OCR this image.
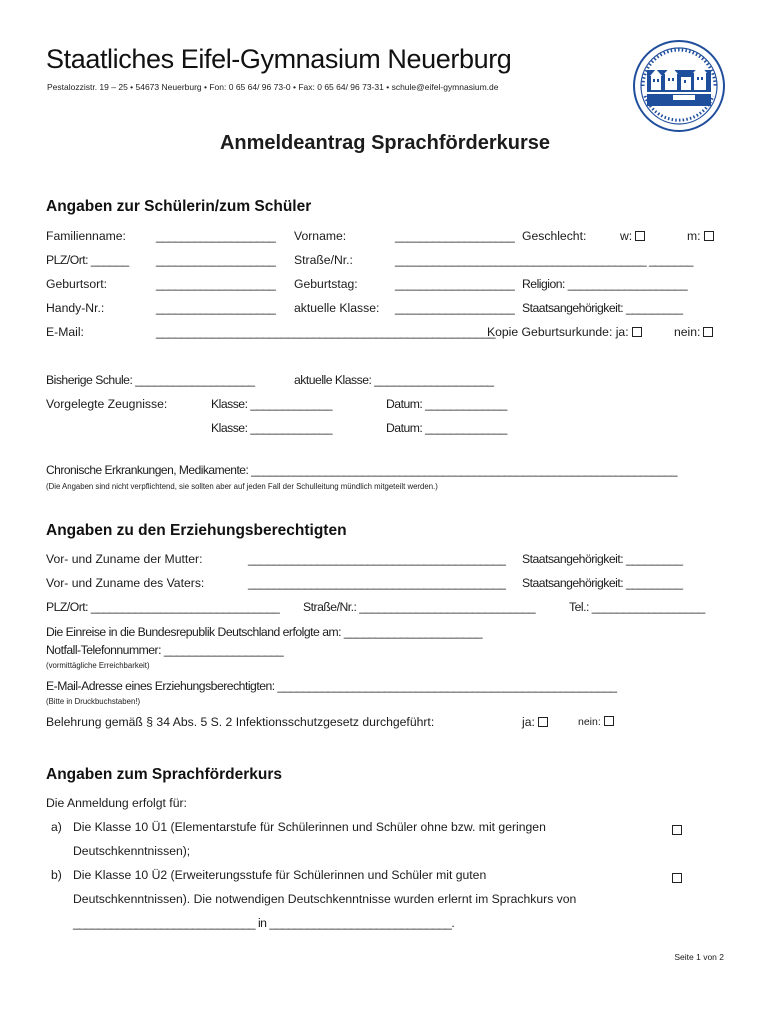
Staatliches Eifel-Gymnasium Neuerburg
Pestalozzistr. 19 – 25 • 54673 Neuerburg • Fon: 0 65 64/ 96 73-0 • Fax: 0 65 64/ 96 73-31 • schule@eifel-gymnasium.de
Anmeldeantrag Sprachförderkurse
Angaben zur Schülerin/zum Schüler
Familienname: ___________________ Vorname:	___________________ Geschlecht:	w:	m:
PLZ/Ort: ______ ___________________ Straße/Nr.:	________________________________________ _______
Geburtsort:	___________________ Geburtstag:	___________________ Religion: ___________________
Handy-Nr.:	___________________ aktuelle Klasse: ___________________ Staatsangehörigkeit: _________
E-Mail:	______________________________________________________
Kopie Geburtsurkunde: ja:	nein:
Bisherige Schule: ___________________	aktuelle Klasse: ___________________
Vorgelegte Zeugnisse:	Klasse: _____________	Datum: _____________
Klasse: _____________	Datum: _____________
Chronische Erkrankungen, Medikamente: _____________________________________________________________________
(Die Angaben sind nicht verpflichtend, sie sollten aber auf jeden Fall der Schulleitung mündlich mitgeteilt werden.)
Angaben zu den Erziehungsberechtigten
Vor- und Zuname der Mutter:	_________________________________________ Staatsangehörigkeit: _________
Vor- und Zuname des Vaters:	_________________________________________ Staatsangehörigkeit: _________
PLZ/Ort: ______________________________ Straße/Nr.: ____________________________	Tel.: __________________
Die Einreise in die Bundesrepublik Deutschland erfolgte am: ______________________
Notfall-Telefonnummer: ___________________
(vormittägliche Erreichbarkeit)
E-Mail-Adresse eines Erziehungsberechtigten: ______________________________________________________
(Bitte in Druckbuchstaben!)
Belehrung gemäß § 34 Abs. 5 S. 2 Infektionsschutzgesetz durchgeführt:	ja:	nein:
Angaben zum Sprachförderkurs
Die Anmeldung erfolgt für:
a) Die Klasse 10 Ü1 (Elementarstufe für Schülerinnen und Schüler ohne bzw. mit geringen
Deutschkenntnissen);
b) Die Klasse 10 Ü2 (Erweiterungsstufe für Schülerinnen und Schüler mit guten
Deutschkenntnissen). Die notwendigen Deutschkenntnisse wurden erlernt im Sprachkurs von
_____________________________ in _____________________________.
Seite 1 von 2
